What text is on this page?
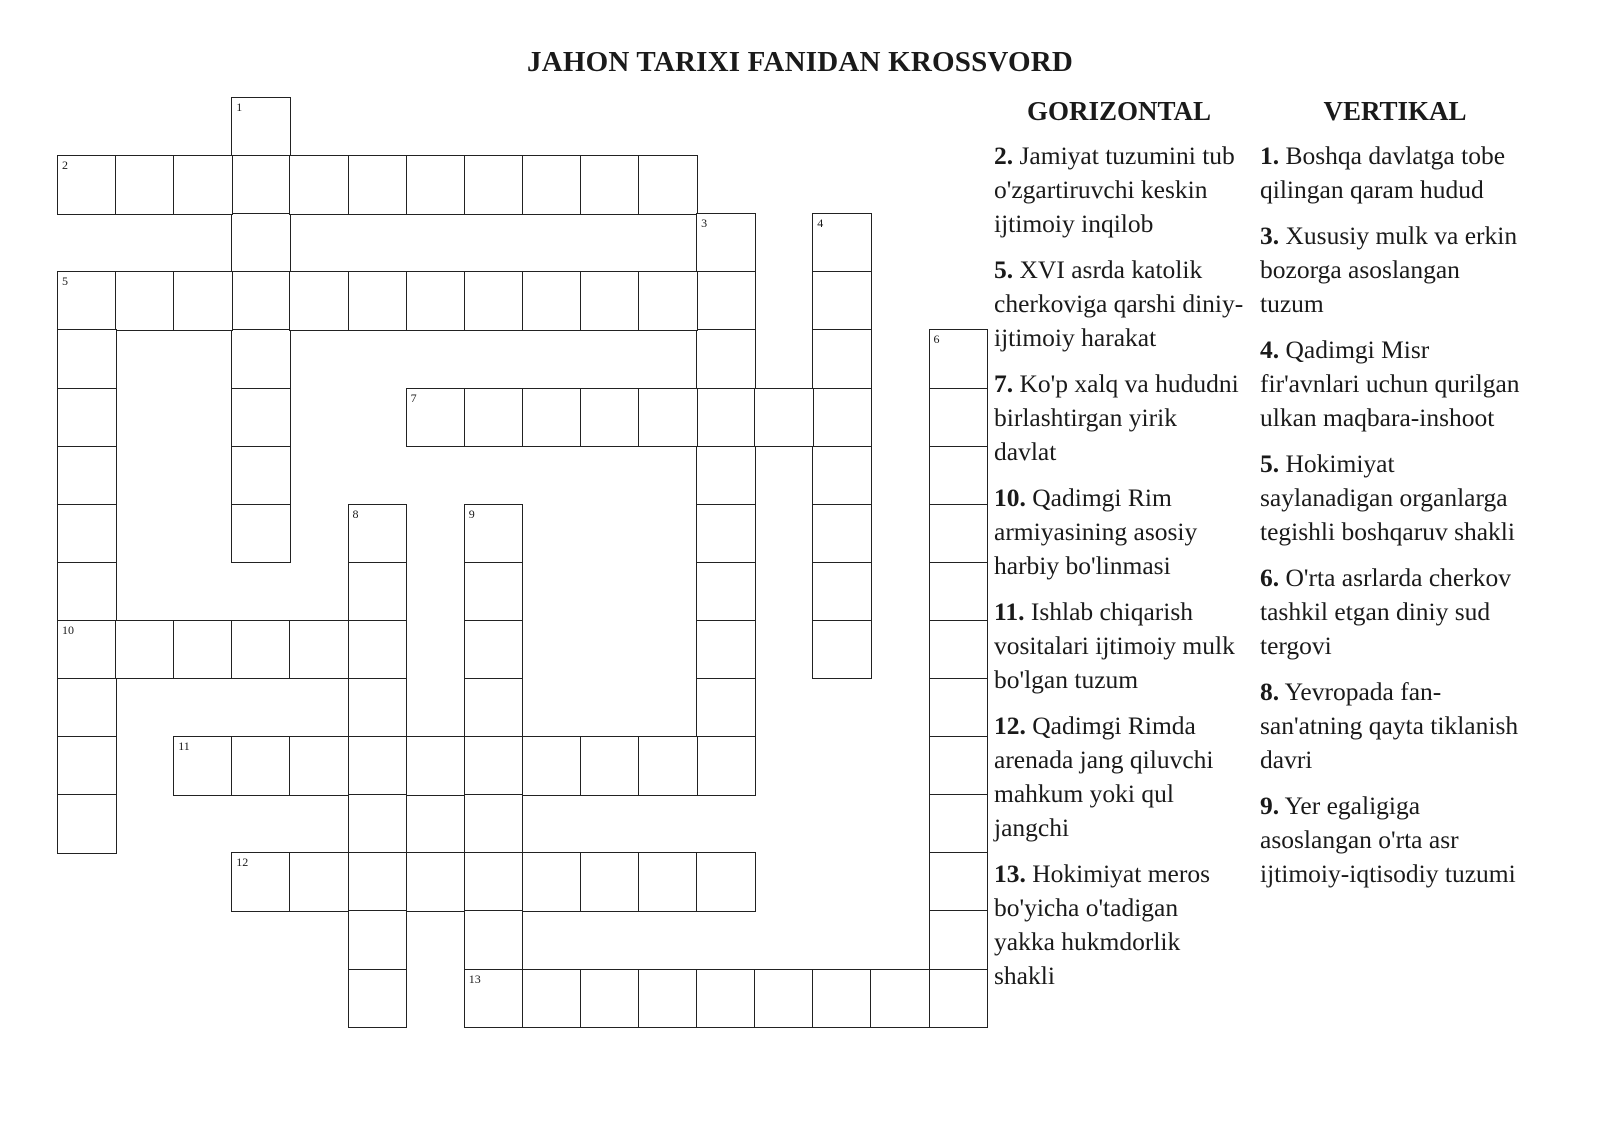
JAHON TARIXI FANIDAN KROSSVORD
1
2
3	4
5
10
6
7
8	9
11
12
13
GORIZONTAL
2. Jamiyat tuzumini tub o'zgartiruvchi keskin ijtimoiy inqilob
5. XVI asrda katolik cherkoviga qarshi diniy-ijtimoiy harakat
7. Ko'p xalq va hududni birlashtirgan yirik davlat
10. Qadimgi Rim armiyasining asosiy harbiy bo'linmasi
11. Ishlab chiqarish vositalari ijtimoiy mulk bo'lgan tuzum
12. Qadimgi Rimda arenada jang qiluvchi mahkum yoki qul jangchi
13. Hokimiyat meros bo'yicha o'tadigan yakka hukmdorlik shakli
VERTIKAL
1. Boshqa davlatga tobe qilingan qaram hudud
3. Xususiy mulk va erkin bozorga asoslangan tuzum
4. Qadimgi Misr fir'avnlari uchun qurilgan ulkan maqbara-inshoot
5. Hokimiyat saylanadigan organlarga tegishli boshqaruv shakli
6. O'rta asrlarda cherkov tashkil etgan diniy sud tergovi
8. Yevropada fan-san'atning qayta tiklanish davri
9. Yer egaligiga asoslangan o'rta asr ijtimoiy-iqtisodiy tuzumi
